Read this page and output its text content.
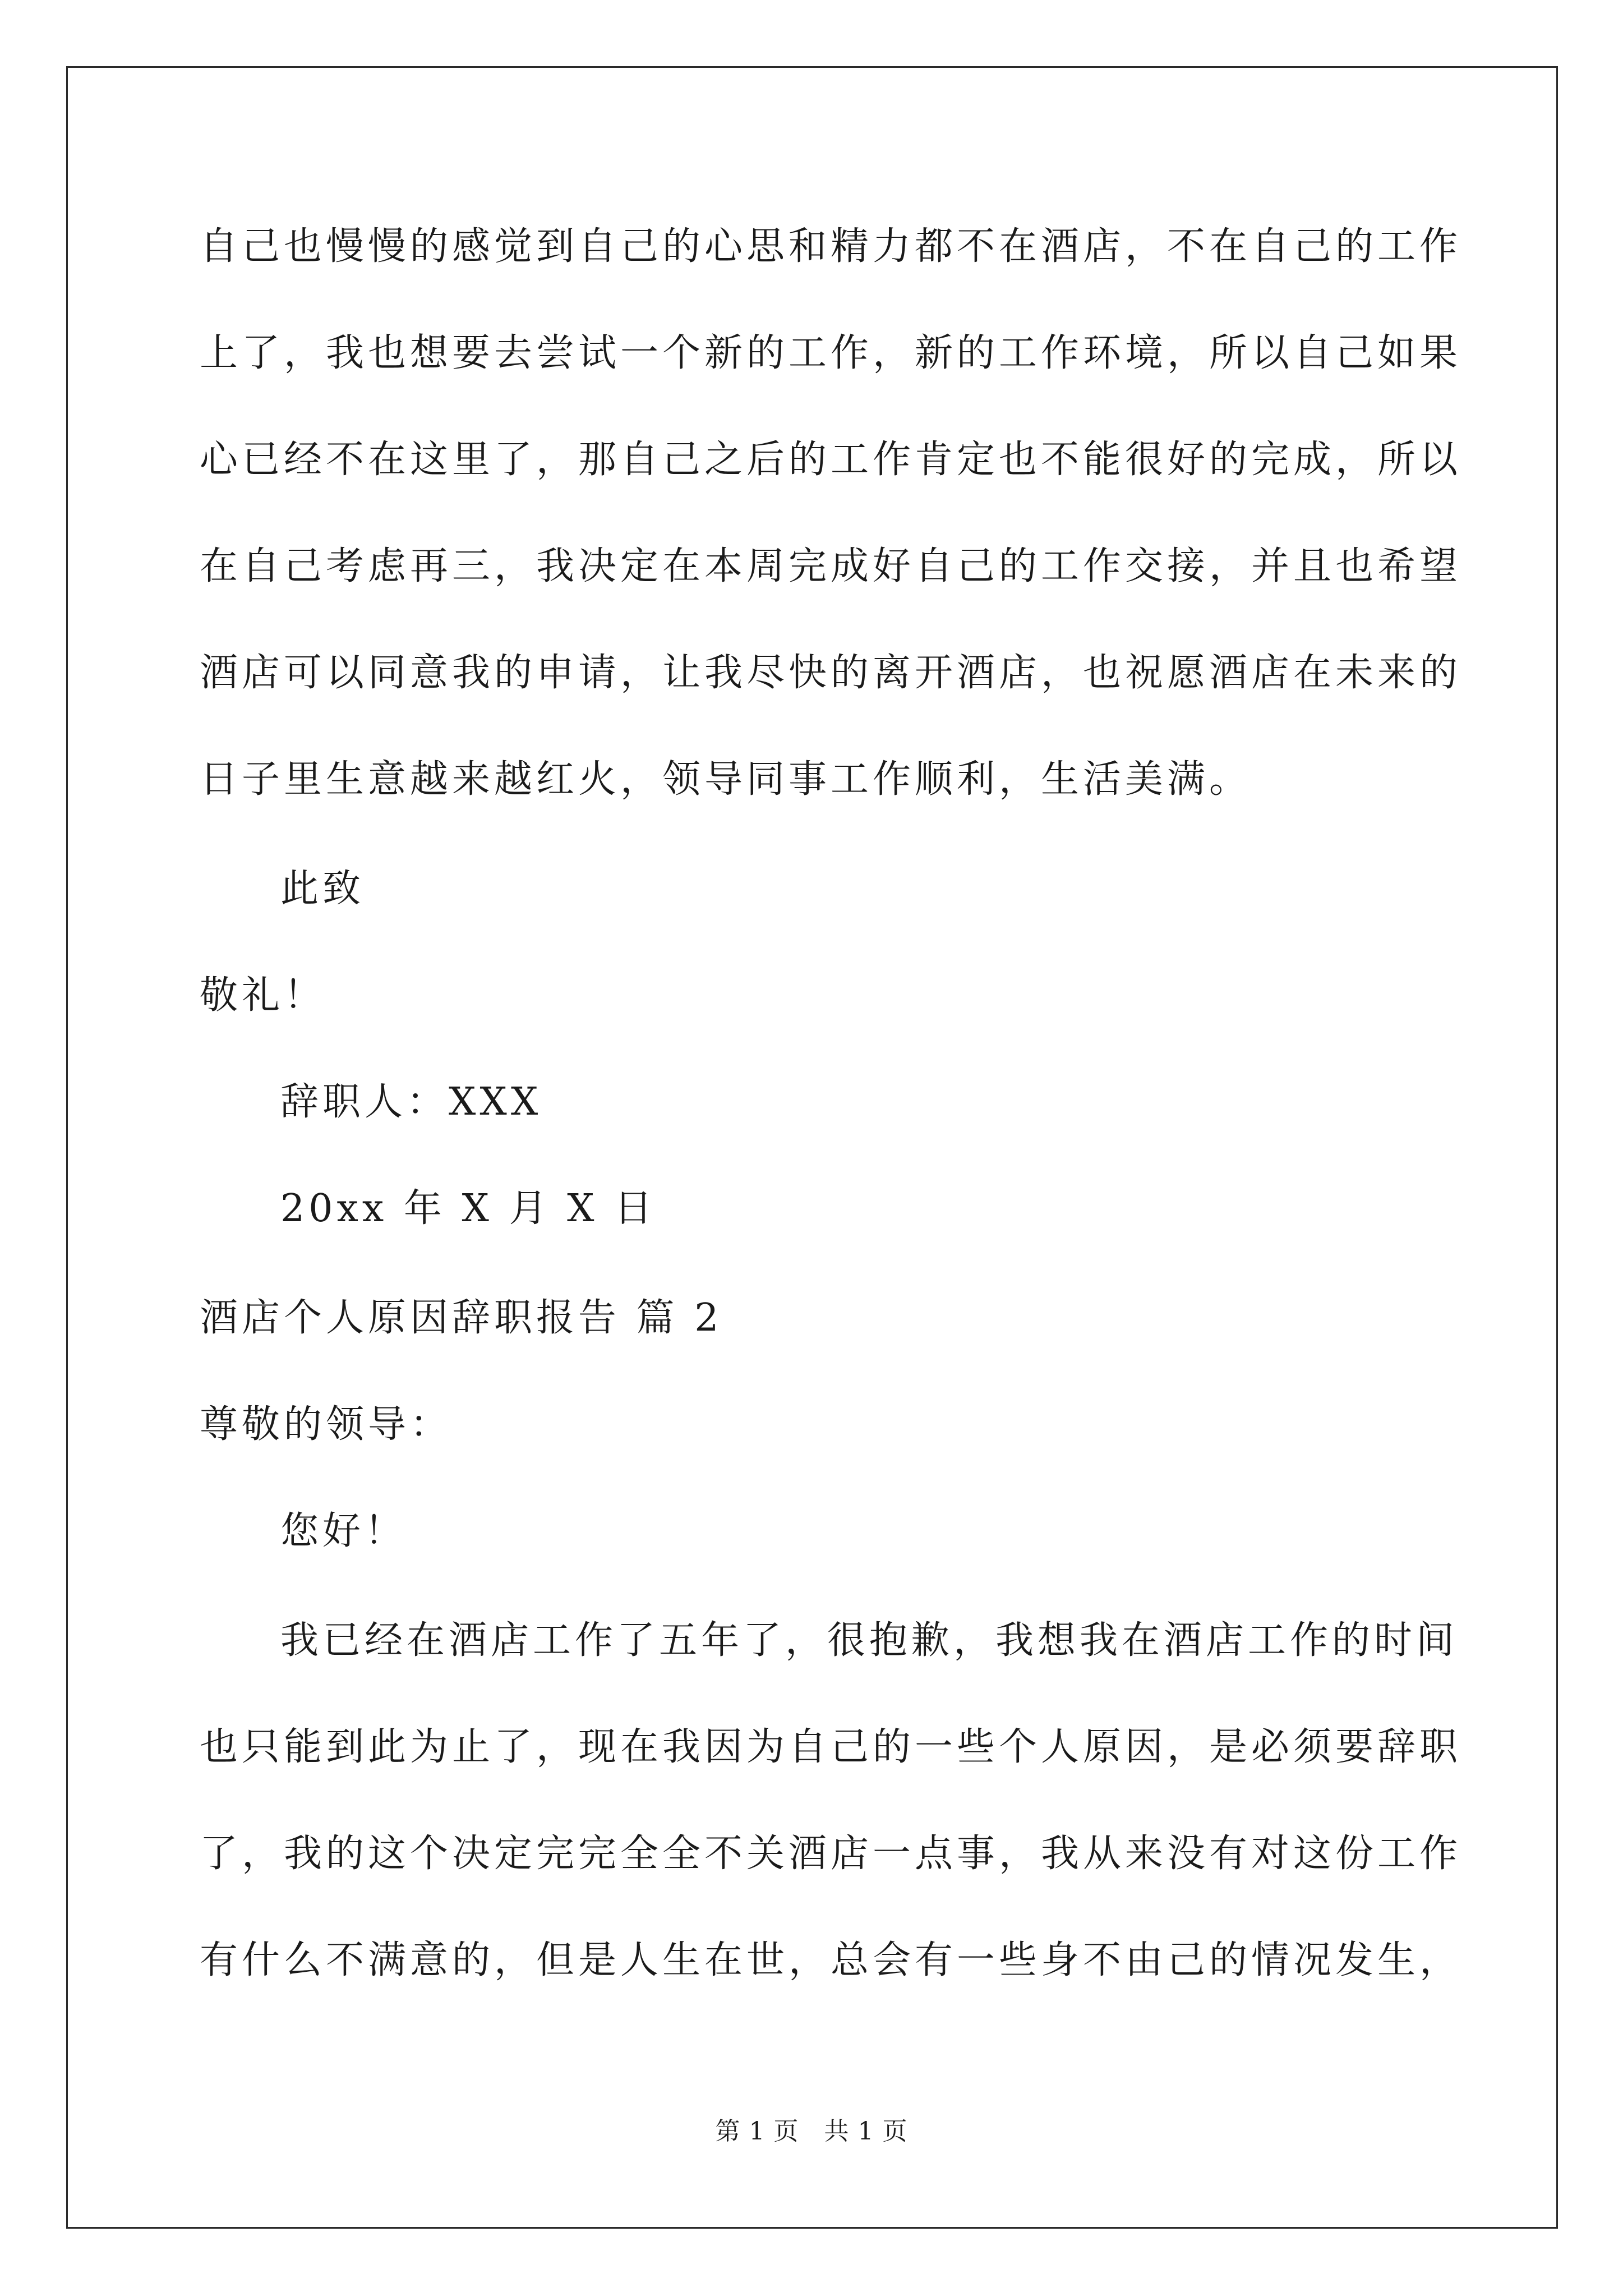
自己也慢慢的感觉到自己的心思和精力都不在酒店，不在自己的工作
上了，我也想要去尝试一个新的工作，新的工作环境，所以自己如果
心已经不在这里了，那自己之后的工作肯定也不能很好的完成，所以
在自己考虑再三，我决定在本周完成好自己的工作交接，并且也希望
酒店可以同意我的申请，让我尽快的离开酒店，也祝愿酒店在未来的
日子里生意越来越红火，领导同事工作顺利，生活美满。
此致
敬礼！
辞职人：XXX
20xx 年 X 月 X 日
酒店个人原因辞职报告 篇 2
尊敬的领导：
您好！
我已经在酒店工作了五年了，很抱歉，我想我在酒店工作的时间
也只能到此为止了，现在我因为自己的一些个人原因，是必须要辞职
了，我的这个决定完完全全不关酒店一点事，我从来没有对这份工作
有什么不满意的，但是人生在世，总会有一些身不由己的情况发生，
第 1 页　共 1 页
